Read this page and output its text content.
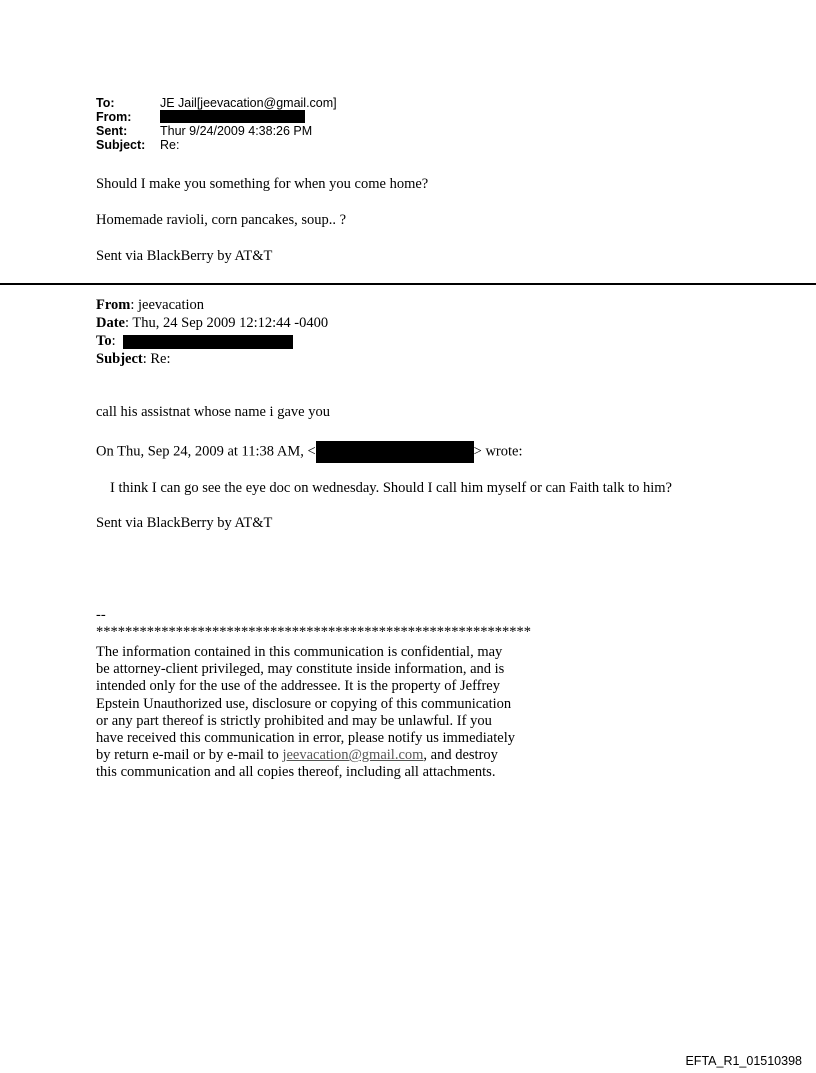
To:	JE Jail[jeevacation@gmail.com]
From:
Sent:	Thur 9/24/2009 4:38:26 PM
Subject:	Re:
Should I make you something for when you come home?
Homemade ravioli, corn pancakes, soup.. ?
Sent via BlackBerry by AT&T
From: jeevacation
Date: Thu, 24 Sep 2009 12:12:44 -0400
To:
Subject: Re:
call his assistnat whose name i gave you
On Thu, Sep 24, 2009 at 11:38 AM, <	> wrote:
I think I can go see the eye doc on wednesday. Should I call him myself or can Faith talk to him?
Sent via BlackBerry by AT&T
--
************************************************************
The information contained in this communication is confidential, may be attorney-client privileged, may constitute inside information, and is intended only for the use of the addressee. It is the property of Jeffrey Epstein Unauthorized use, disclosure or copying of this communication or any part thereof is strictly prohibited and may be unlawful. If you have received this communication in error, please notify us immediately by return e-mail or by e-mail to jeevacation@gmail.com, and destroy this communication and all copies thereof, including all attachments.
EFTA_R1_01510398
